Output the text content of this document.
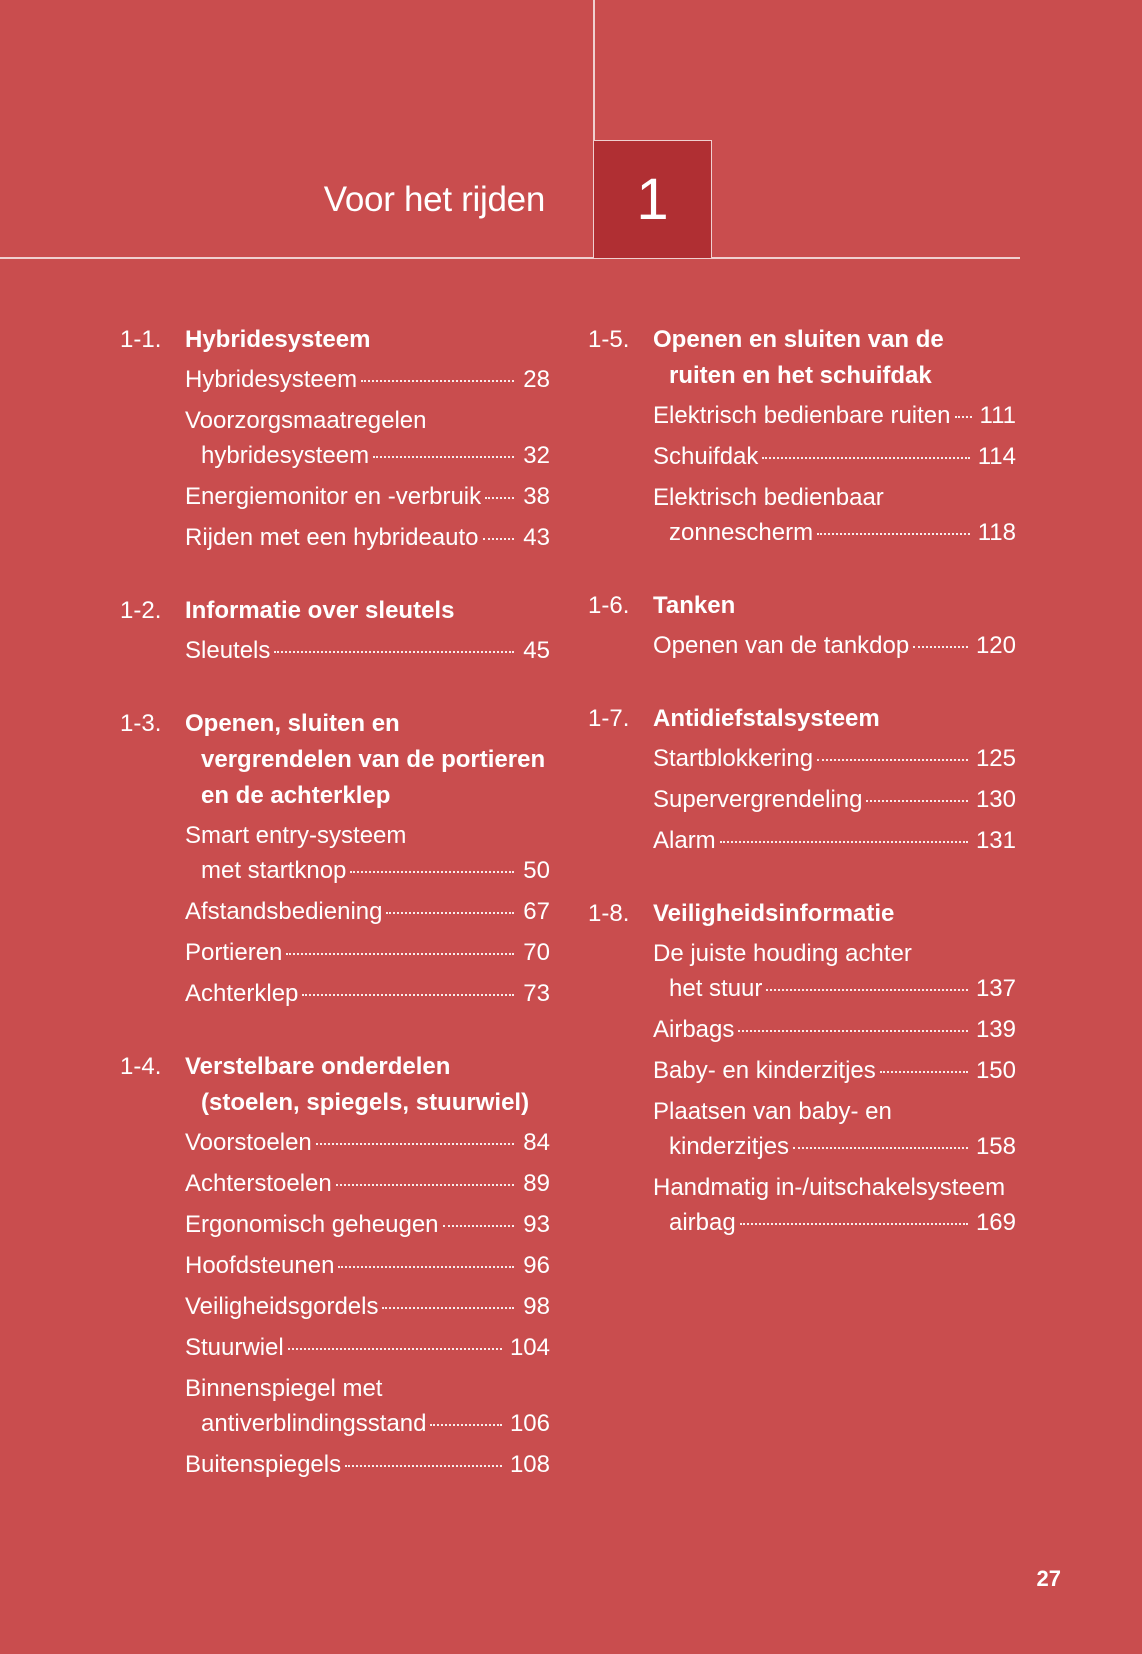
Voor het rijden 1
1-1. Hybridesysteem
Hybridesysteem	28
Voorzorgsmaatregelen
hybridesysteem	32
Energiemonitor en -verbruik 38
Rijden met een hybrideauto 43
1-2. Informatie over sleutels
Sleutels	45
1-3. Openen, sluiten en vergrendelen van de portieren en de achterklep
Smart entry-systeem
met startknop	50
Afstandsbediening	67
Portieren	70
Achterklep	73
1-4. Verstelbare onderdelen (stoelen, spiegels, stuurwiel)
Voorstoelen	84
Achterstoelen	89
Ergonomisch geheugen	93
Hoofdsteunen	96
Veiligheidsgordels	98
Stuurwiel	104
Binnenspiegel met
antiverblindingsstand	106
Buitenspiegels	108
1-5. Openen en sluiten van de ruiten en het schuifdak
Elektrisch bedienbare ruiten 111
Schuifdak	114
Elektrisch bedienbaar
zonnescherm	118
1-6. Tanken
Openen van de tankdop	120
1-7. Antidiefstalsysteem
Startblokkering	125
Supervergrendeling	130
Alarm	131
1-8. Veiligheidsinformatie
De juiste houding achter
het stuur	137
Airbags	139
Baby- en kinderzitjes	150
Plaatsen van baby- en
kinderzitjes	158
Handmatig in-/uitschakelsysteem
airbag	169
27
